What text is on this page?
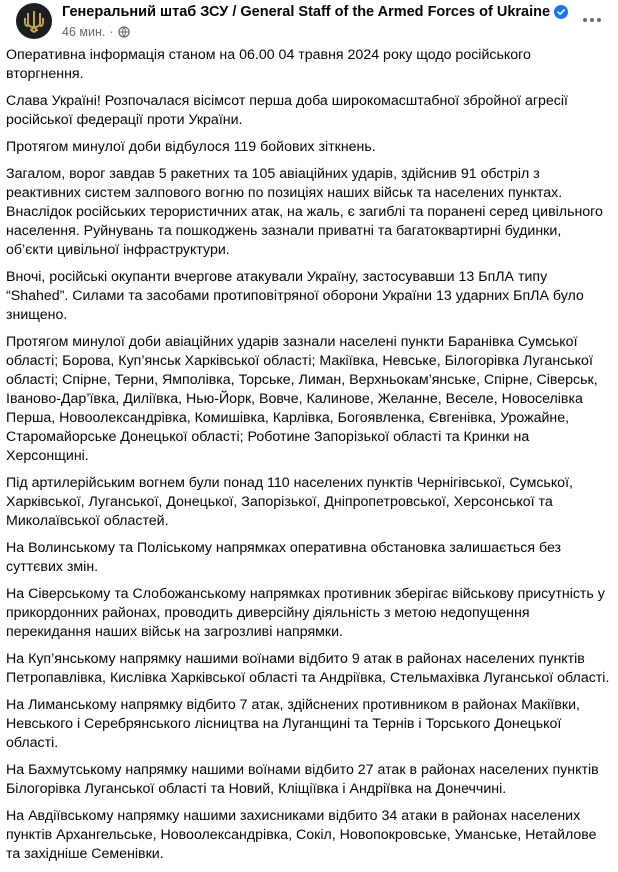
Генеральний штаб ЗСУ / General Staff of the Armed Forces of Ukraine
46 мин. ·

Оперативна інформація станом на 06.00 04 травня 2024 року щодо російського вторгнення.

Слава Україні! Розпочалася вісімсот перша доба широкомасштабної збройної агресії російської федерації проти України.

Протягом минулої доби відбулося 119 бойових зіткнень.

Загалом, ворог завдав 5 ракетних та 105 авіаційних ударів, здійснив 91 обстріл з реактивних систем залпового вогню по позиціях наших військ та населених пунктах. Внаслідок російських терористичних атак, на жаль, є загиблі та поранені серед цивільного населення. Руйнувань та пошкоджень зазнали приватні та багатоквартирні будинки, об’єкти цивільної інфраструктури.

Вночі, російські окупанти вчергове атакували Україну, застосувавши 13 БпЛА типу “Shahed”. Силами та засобами протиповітряної оборони України 13 ударних БпЛА було знищено.

Протягом минулої доби авіаційних ударів зазнали населені пункти Баранівка Сумської області; Борова, Куп’янськ Харківської області; Макіївка, Невське, Білогорівка Луганської області; Спірне, Терни, Ямполівка, Торське, Лиман, Верхньокам’янське, Спірне, Сіверськ, Іваново-Дар’ївка, Диліївка, Нью-Йорк, Вовче, Калинове, Желанне, Веселе, Новоселівка Перша, Новоолександрівка, Комишівка, Карлівка, Богоявленка, Євгенівка, Урожайне, Старомайорське Донецької області; Роботине Запорізької області та Кринки на Херсонщині.

Під артилерійським вогнем були понад 110 населених пунктів Чернігівської, Сумської, Харківської, Луганської, Донецької, Запорізької, Дніпропетровської, Херсонської та Миколаївської областей.

На Волинському та Поліському напрямках оперативна обстановка залишається без суттєвих змін.

На Сіверському та Слобожанському напрямках противник зберігає військову присутність у прикордонних районах, проводить диверсійну діяльність з метою недопущення перекидання наших військ на загрозливі напрямки.

На Куп’янському напрямку нашими воїнами відбито 9 атак в районах населених пунктів Петропавлівка, Кислівка Харківської області та Андріївка, Стельмахівка Луганської області.

На Лиманському напрямку відбито 7 атак, здійснених противником в районах Макіївки, Невського і Серебрянського лісництва на Луганщині та Тернів і Торського Донецької області.

На Бахмутському напрямку нашими воїнами відбито 27 атак в районах населених пунктів Білогорівка Луганської області та Новий, Кліщіївка і Андріївка на Донеччині.

На Авдіївському напрямку нашими захисниками відбито 34 атаки в районах населених пунктів Архангельське, Новоолександрівка, Сокіл, Новопокровське, Уманське, Нетайлове та західніше Семенівки.
